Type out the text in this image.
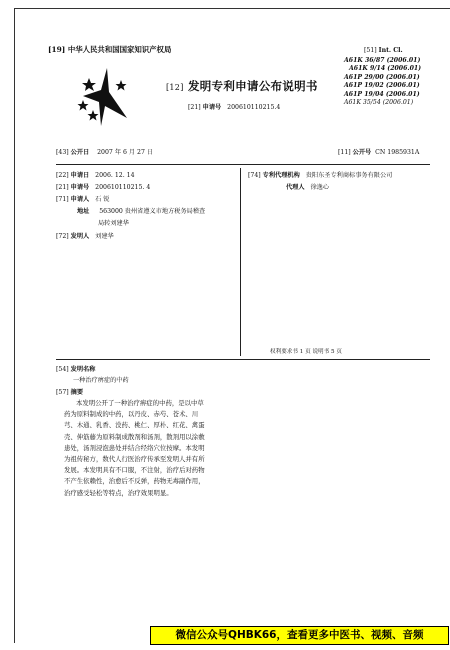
[19] 中华人民共和国国家知识产权局
[12] 发明专利申请公布说明书
[21] 申请号 200610110215.4
[51] Int. Cl.
A61K 36/87 (2006.01)
A61K 9/14 (2006.01)
A61P 29/00 (2006.01)
A61P 19/02 (2006.01)
A61P 19/04 (2006.01)
A61K 35/54 (2006.01)
[43] 公开日 2007 年 6 月 27 日	[11] 公开号 CN 1985931A
[22] 申请日 2006. 12. 14
[21] 申请号 200610110215. 4
[71] 申请人 石 锐
地址 563000 贵州省遵义市地方税务局稽查
局转刘建华
[72] 发明人 刘建华
[74] 专利代理机构 贵阳东圣专利商标事务有限公司
代理人 徐逸心
权利要求书 1 页 说明书 5 页
[54] 发明名称
一种治疗痹症的中药
[57] 摘要
本发明公开了一种治疗痹症的中药，是以中草
药为原料制成的中药，以丹皮、赤芍、苍术、川
芎、木通、乳香、没药、桃仁、厚朴、红花、禽蛋
壳、伸筋藤为原料制成散剂和汤剂，散剂用以涂敷
患处，汤剂浸泡患处并结合经络穴位按摩。本发明
为祖传秘方，数代人行医治疗传承至发明人并有所
发展。本发明具有不口服，不注射，治疗后对药物
不产生依赖性，治愈后不反弹，药物无毒副作用，
治疗感受轻松等特点，治疗效果明显。
微信公众号QHBK66，查看更多中医书、视频、音频
